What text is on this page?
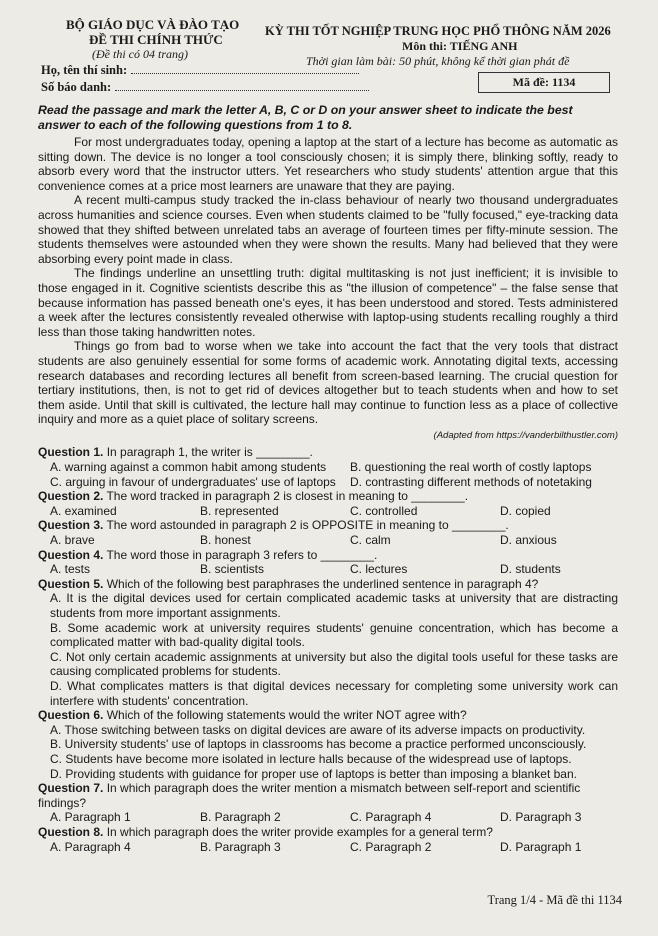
BỘ GIÁO DỤC VÀ ĐÀO TẠO
ĐỀ THI CHÍNH THỨC
(Đề thi có 04 trang)
KỲ THI TỐT NGHIỆP TRUNG HỌC PHỔ THÔNG NĂM 2026
Môn thi: TIẾNG ANH
Thời gian làm bài: 50 phút, không kể thời gian phát đề
Họ, tên thí sinh:
Số báo danh:	Mã đề: 1134

Read the passage and mark the letter A, B, C or D on your answer sheet to indicate the best answer to each of the following questions from 1 to 8.

For most undergraduates today, opening a laptop at the start of a lecture has become as automatic as sitting down. The device is no longer a tool consciously chosen; it is simply there, blinking softly, ready to absorb every word that the instructor utters. Yet researchers who study students' attention argue that this convenience comes at a price most learners are unaware that they are paying.

A recent multi-campus study tracked the in-class behaviour of nearly two thousand undergraduates across humanities and science courses. Even when students claimed to be "fully focused," eye-tracking data showed that they shifted between unrelated tabs an average of fourteen times per fifty-minute session. The students themselves were astounded when they were shown the results. Many had believed that they were absorbing every point made in class.

The findings underline an unsettling truth: digital multitasking is not just inefficient; it is invisible to those engaged in it. Cognitive scientists describe this as "the illusion of competence" – the false sense that because information has passed beneath one's eyes, it has been understood and stored. Tests administered a week after the lectures consistently revealed otherwise with laptop-using students recalling roughly a third less than those taking handwritten notes.

Things go from bad to worse when we take into account the fact that the very tools that distract students are also genuinely essential for some forms of academic work. Annotating digital texts, accessing research databases and recording lectures all benefit from screen-based learning. The crucial question for tertiary institutions, then, is not to get rid of devices altogether but to teach students when and how to set them aside. Until that skill is cultivated, the lecture hall may continue to function less as a place of collective inquiry and more as a quiet place of solitary screens.

(Adapted from https://vanderbilthustler.com)
Question 1. In paragraph 1, the writer is ________.
A. warning against a common habit among students	B. questioning the real worth of costly laptops
C. arguing in favour of undergraduates' use of laptops	D. contrasting different methods of notetaking
Question 2. The word tracked in paragraph 2 is closest in meaning to ________.
A. examined	B. represented	C. controlled	D. copied
Question 3. The word astounded in paragraph 2 is OPPOSITE in meaning to ________.
A. brave	B. honest	C. calm	D. anxious
Question 4. The word those in paragraph 3 refers to ________.
A. tests	B. scientists	C. lectures	D. students
Question 5. Which of the following best paraphrases the underlined sentence in paragraph 4?
A. It is the digital devices used for certain complicated academic tasks at university that are distracting students from more important assignments.
B. Some academic work at university requires students' genuine concentration, which has become a complicated matter with bad-quality digital tools.
C. Not only certain academic assignments at university but also the digital tools useful for these tasks are causing complicated problems for students.
D. What complicates matters is that digital devices necessary for completing some university work can interfere with students' concentration.
Question 6. Which of the following statements would the writer NOT agree with?
A. Those switching between tasks on digital devices are aware of its adverse impacts on productivity.
B. University students' use of laptops in classrooms has become a practice performed unconsciously.
C. Students have become more isolated in lecture halls because of the widespread use of laptops.
D. Providing students with guidance for proper use of laptops is better than imposing a blanket ban.
Question 7. In which paragraph does the writer mention a mismatch between self-report and scientific findings?
A. Paragraph 1	B. Paragraph 2	C. Paragraph 4	D. Paragraph 3
Question 8. In which paragraph does the writer provide examples for a general term?
A. Paragraph 4	B. Paragraph 3	C. Paragraph 2	D. Paragraph 1
Trang 1/4 - Mã đề thi 1134
